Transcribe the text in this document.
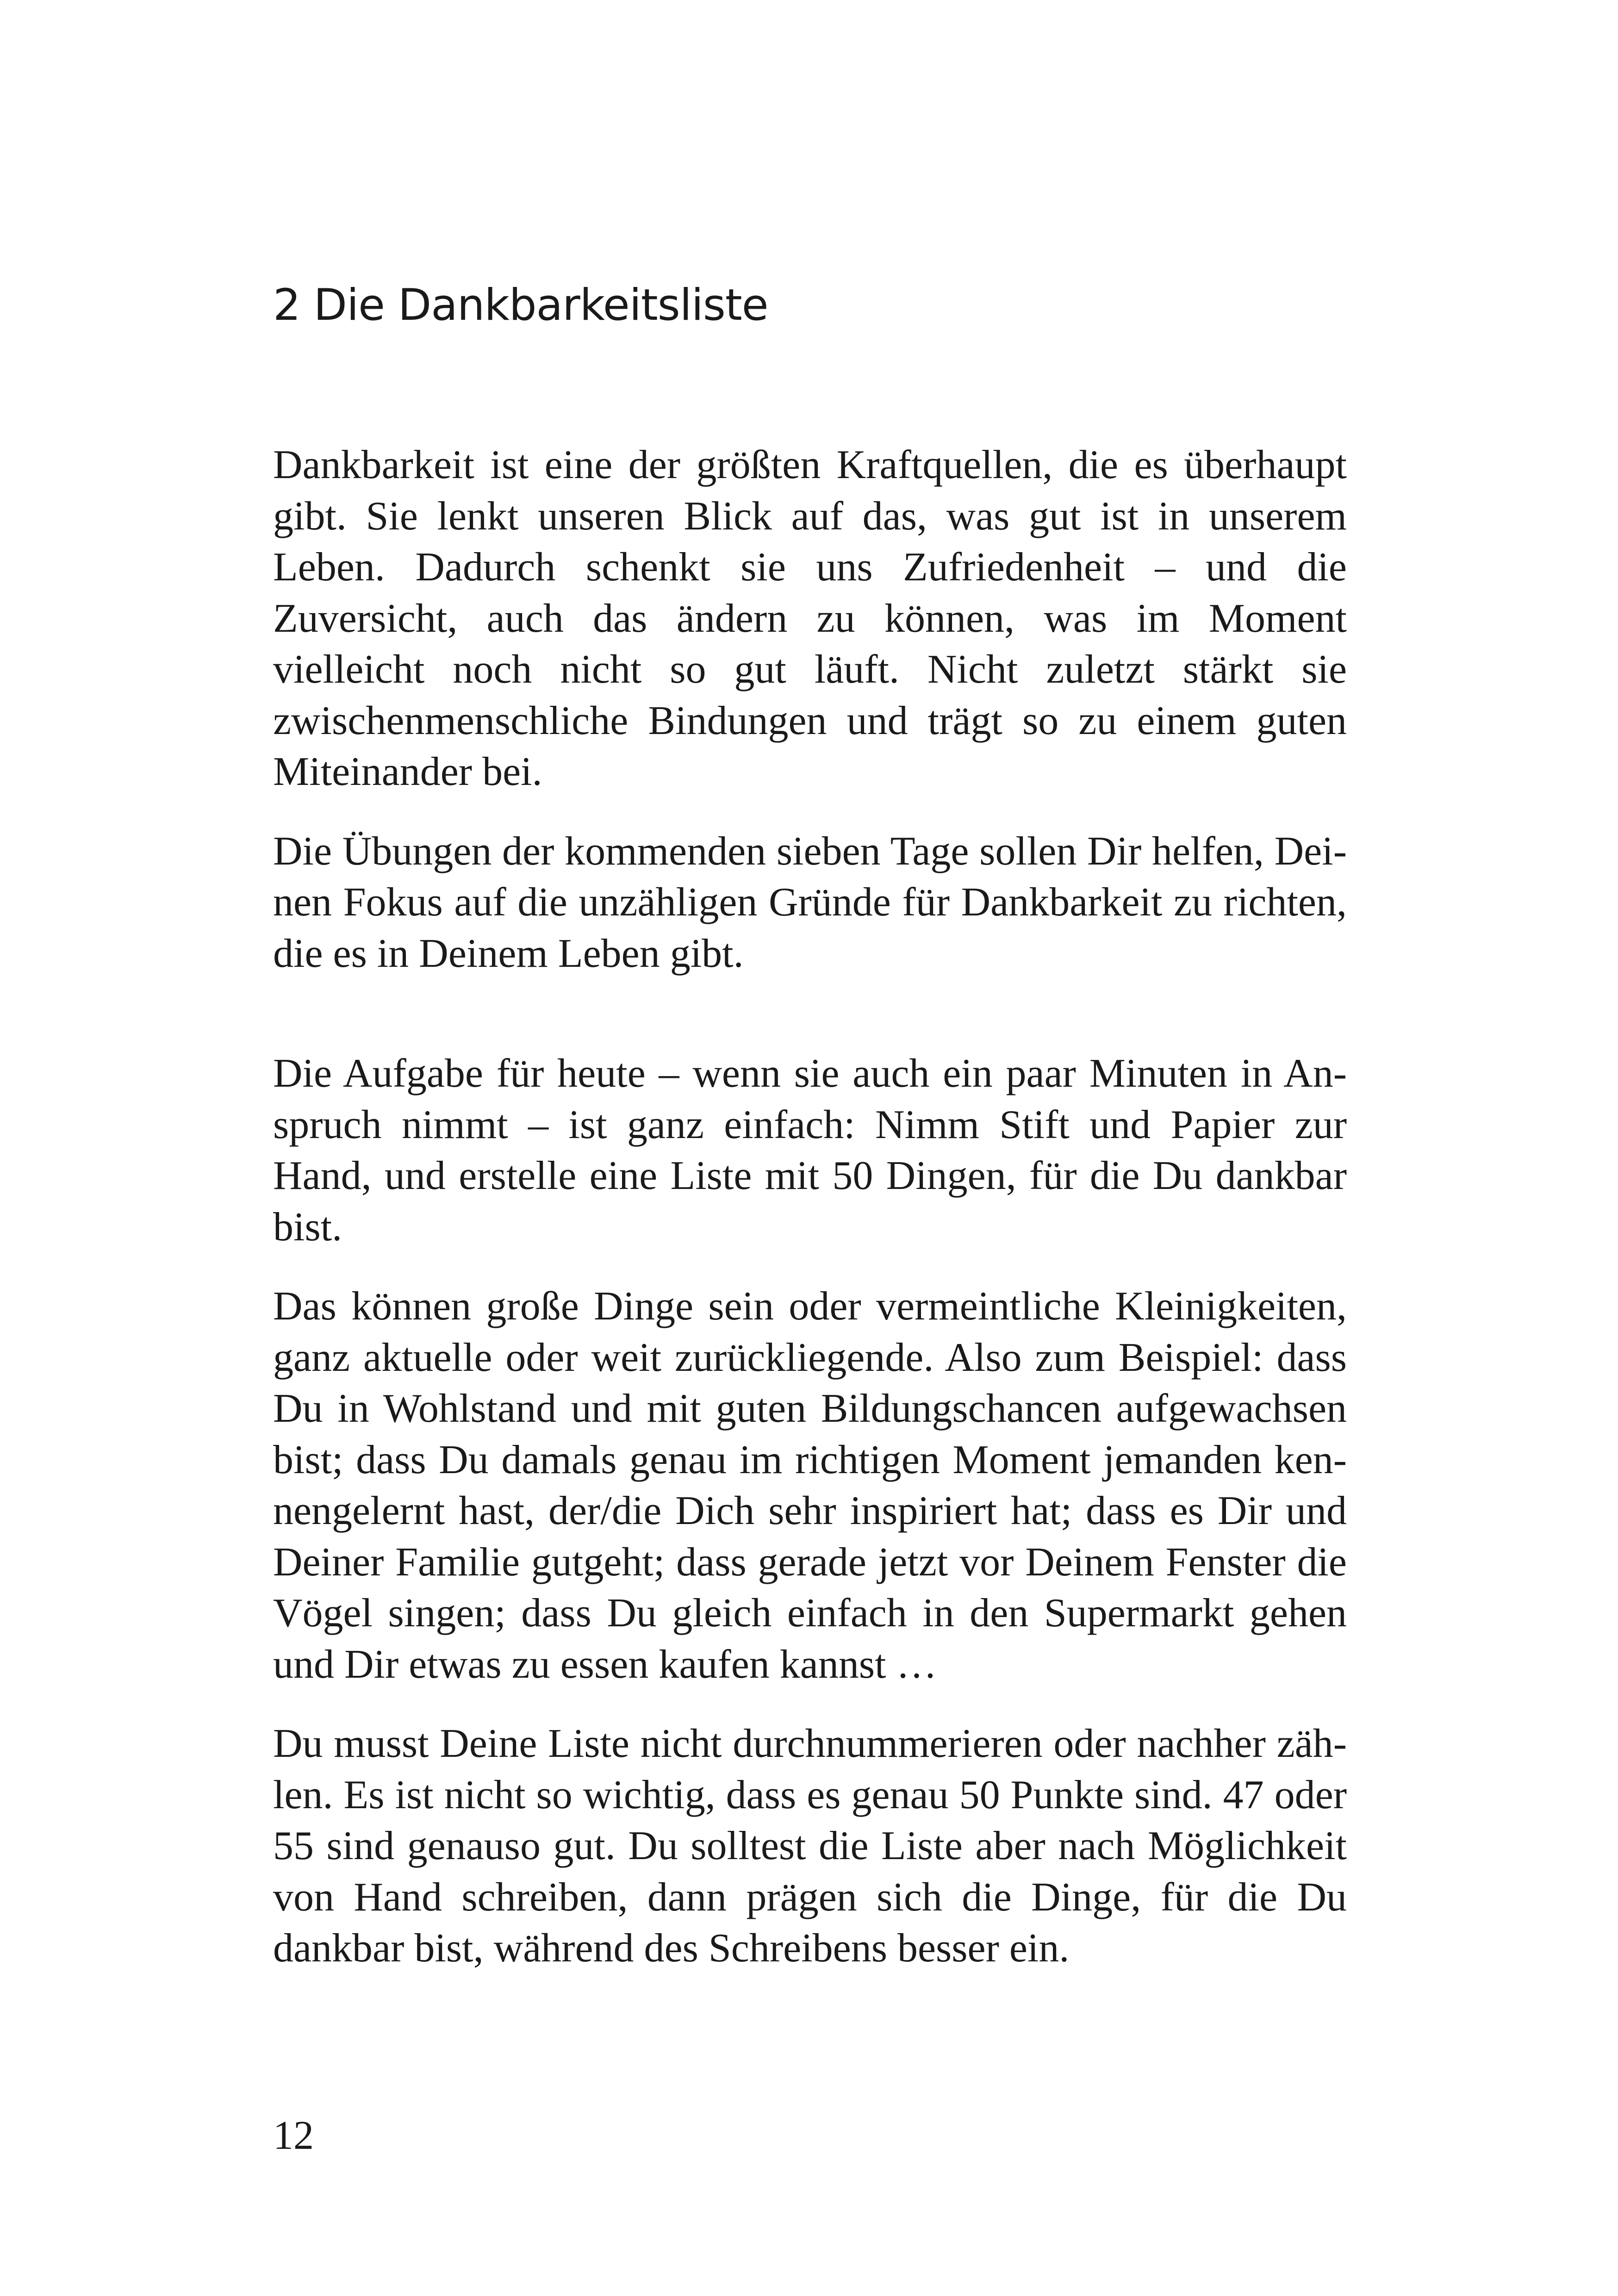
2 Die Dankbarkeitsliste

Dankbarkeit ist eine der größten Kraftquellen, die es überhaupt gibt. Sie lenkt unseren Blick auf das, was gut ist in unserem Leben. Dadurch schenkt sie uns Zufriedenheit – und die Zuversicht, auch das ändern zu können, was im Moment vielleicht noch nicht so gut läuft. Nicht zuletzt stärkt sie zwischenmenschliche Bindungen und trägt so zu einem guten Miteinander bei.

Die Übungen der kommenden sieben Tage sollen Dir helfen, Deinen Fokus auf die unzähligen Gründe für Dankbarkeit zu richten, die es in Deinem Leben gibt.

Die Aufgabe für heute – wenn sie auch ein paar Minuten in Anspruch nimmt – ist ganz einfach: Nimm Stift und Papier zur Hand, und erstelle eine Liste mit 50 Dingen, für die Du dankbar bist.

Das können große Dinge sein oder vermeintliche Kleinigkeiten, ganz aktuelle oder weit zurückliegende. Also zum Beispiel: dass Du in Wohlstand und mit guten Bildungschancen aufgewachsen bist; dass Du damals genau im richtigen Moment jemanden kennengelernt hast, der/die Dich sehr inspiriert hat; dass es Dir und Deiner Familie gutgeht; dass gerade jetzt vor Deinem Fenster die Vögel singen; dass Du gleich einfach in den Supermarkt gehen und Dir etwas zu essen kaufen kannst …

Du musst Deine Liste nicht durchnummerieren oder nachher zählen. Es ist nicht so wichtig, dass es genau 50 Punkte sind. 47 oder 55 sind genauso gut. Du solltest die Liste aber nach Möglichkeit von Hand schreiben, dann prägen sich die Dinge, für die Du dankbar bist, während des Schreibens besser ein.

12
